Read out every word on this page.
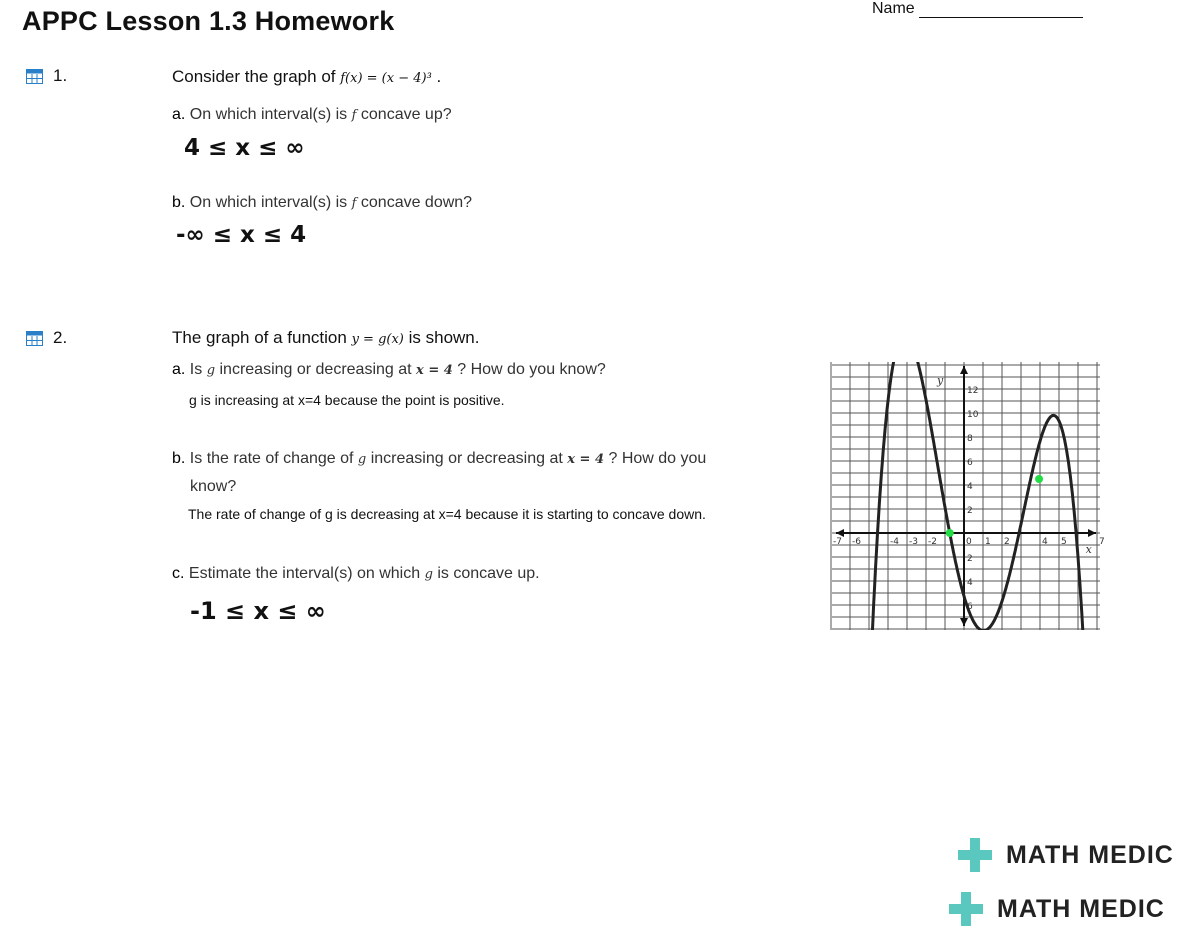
APPC Lesson 1.3 Homework	Name
1.	Consider the graph of f(x) = (x − 4)³ .
a. On which interval(s) is f concave up?
4 ≤ x ≤ ∞
b. On which interval(s) is f concave down?
-∞ ≤ x ≤ 4
2.	The graph of a function y = g(x) is shown.
a. Is g increasing or decreasing at x = 4 ? How do you know?
g is increasing at x=4 because the point is positive.
b. Is the rate of change of g increasing or decreasing at x = 4 ? How do you
know?
The rate of change of g is decreasing at x=4 because it is starting to concave down.
c. Estimate the interval(s) on which g is concave up.
-1 ≤ x ≤ ∞
-7 -6	-4 -3 -2	0 1 2	4 5	7
12
10
8
6
4
2
2
4
6
y
x
MATH MEDIC
MATH MEDIC
